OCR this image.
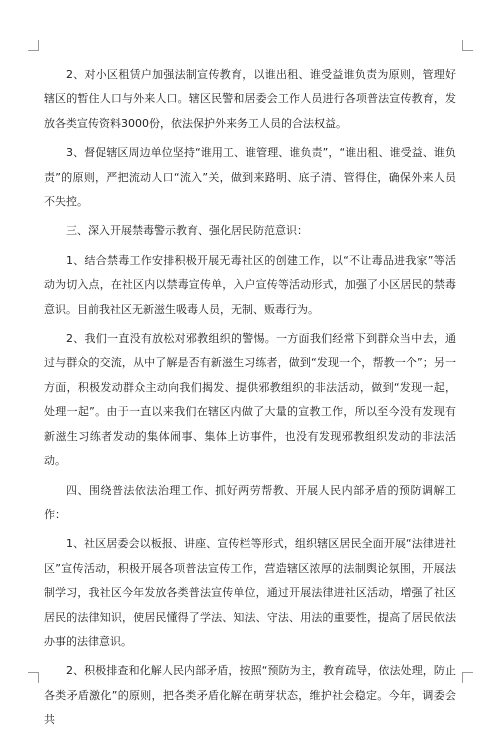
2、对小区租赁户加强法制宣传教育，以谁出租、谁受益谁负责为原则，管理好辖区的暂住人口与外来人口。辖区民警和居委会工作人员进行各项普法宣传教育，发放各类宣传资料3000份，依法保护外来务工人员的合法权益。

3、督促辖区周边单位坚持“谁用工、谁管理、谁负责”，“谁出租、谁受益、谁负责”的原则，严把流动人口“流入”关，做到来路明、底子清、管得住，确保外来人员不失控。

三、深入开展禁毒警示教育、强化居民防范意识：

1、结合禁毒工作安排积极开展无毒社区的创建工作，以“不让毒品进我家”等活动为切入点，在社区内以禁毒宣传单，入户宣传等活动形式，加强了小区居民的禁毒意识。目前我社区无新滋生吸毒人员，无制、贩毒行为。

2、我们一直没有放松对邪教组织的警惕。一方面我们经常下到群众当中去，通过与群众的交流，从中了解是否有新滋生习练者，做到“发现一个，帮教一个”；另一方面，积极发动群众主动向我们揭发、提供邪教组织的非法活动，做到“发现一起，处理一起”。由于一直以来我们在辖区内做了大量的宣教工作，所以至今没有发现有新滋生习练者发动的集体闹事、集体上访事件，也没有发现邪教组织发动的非法活动。

四、围绕普法依法治理工作、抓好两劳帮教、开展人民内部矛盾的预防调解工作：

1、社区居委会以板报、讲座、宣传栏等形式，组织辖区居民全面开展“法律进社区”宣传活动，积极开展各项普法宣传工作，营造辖区浓厚的法制舆论氛围，开展法制学习，我社区今年发放各类普法宣传单位，通过开展法律进社区活动，增强了社区居民的法律知识，使居民懂得了学法、知法、守法、用法的重要性，提高了居民依法办事的法律意识。

2、积极排查和化解人民内部矛盾，按照“预防为主，教育疏导，依法处理，防止各类矛盾激化”的原则，把各类矛盾化解在萌芽状态，维护社会稳定。今年，调委会共
